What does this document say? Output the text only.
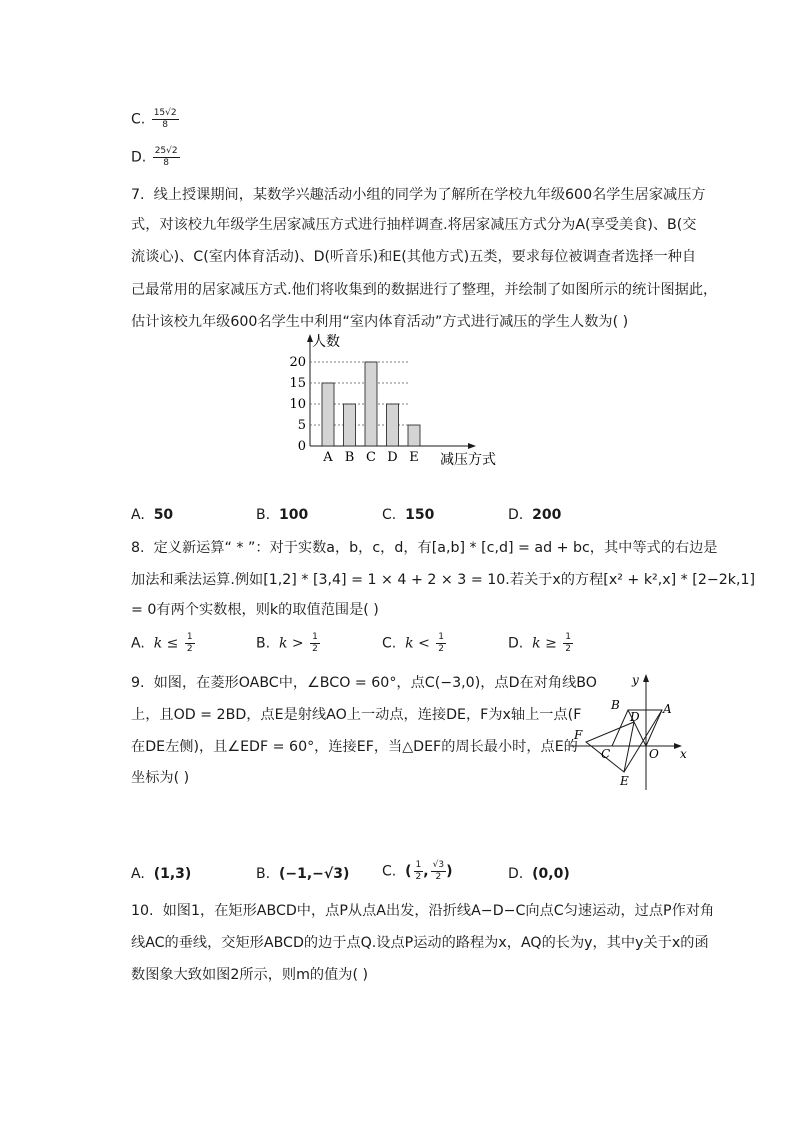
C. $\frac{15√2}{8}$
D. $\frac{25√2}{8}$
7. 线上授课期间，某数学兴趣活动小组的同学为了解所在学校九年级600名学生居家减压方
式，对该校九年级学生居家减压方式进行抽样调查.将居家减压方式分为A(享受美食)、B(交
流谈心)、C(室内体育活动)、D(听音乐)和E(其他方式)五类，要求每位被调查者选择一种自
己最常用的居家减压方式.他们将收集到的数据进行了整理，并绘制了如图所示的统计图据此，
估计该校九年级600名学生中利用“室内体育活动”方式进行减压的学生人数为( )
人数
减压方式
0
5
10
15
20
A B C D E
A. 50	B. 100	C. 150	D. 200
8. 定义新运算“ * ”：对于实数a，b，c，d，有[a,b] * [c,d] = ad + bc，其中等式的右边是
加法和乘法运算.例如[1,2] * [3,4] = 1 × 4 + 2 × 3 = 10.若关于x的方程[x² + k²,x] * [2−2k,1]
= 0有两个实数根，则k的取值范围是( )
A. $k \le \frac{1}{2}$	B. $k > \frac{1}{2}$	C. $k < \frac{1}{2}$	D. $k \ge \frac{1}{2}$
9. 如图，在菱形OABC中，∠BCO = 60°，点C(−3,0)，点D在对角线BO
上，且OD = 2BD，点E是射线AO上一动点，连接DE，F为x轴上一点(F
在DE左侧)，且∠EDF = 60°，连接EF，当△DEF的周长最小时，点E的
坐标为( )
y
x
B	A
D
F
C	O
E
A. (1,3)	B. (−1,−√3) C. ( $\frac{1}{2}$ , $\frac{√3}{2}$ )	D. (0,0)
10. 如图1，在矩形ABCD中，点P从点A出发，沿折线A−D−C向点C匀速运动，过点P作对角
线AC的垂线，交矩形ABCD的边于点Q.设点P运动的路程为x，AQ的长为y，其中y关于x的函
数图象大致如图2所示，则m的值为( )
